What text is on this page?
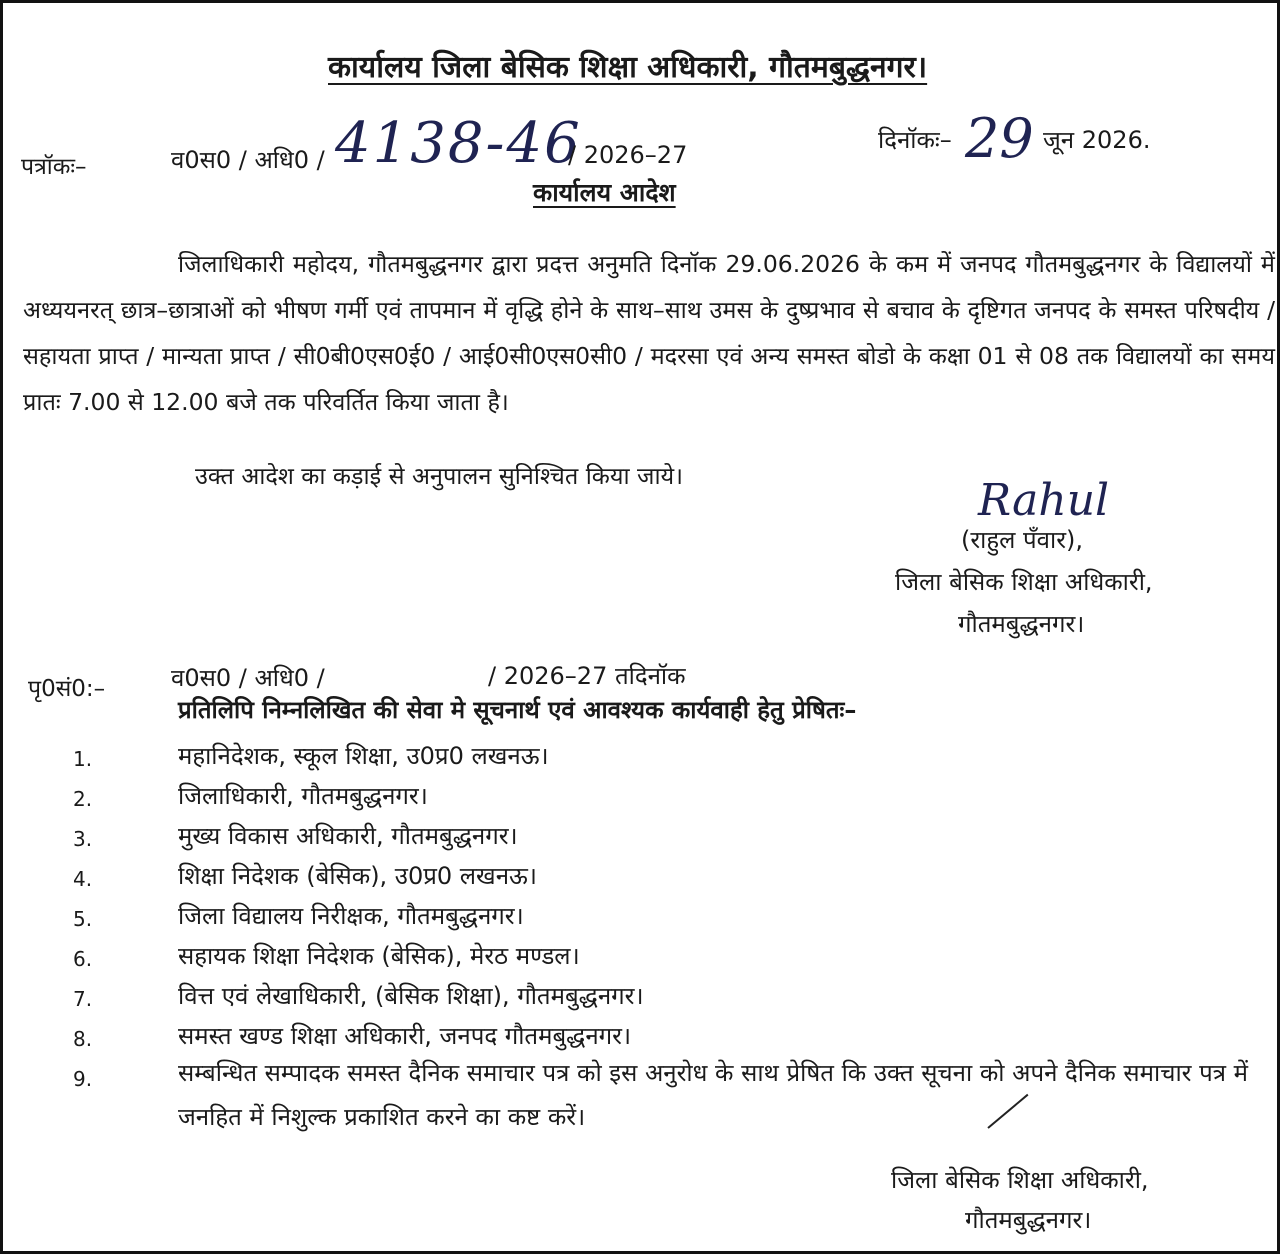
कार्यालय जिला बेसिक शिक्षा अधिकारी, गौतमबुद्धनगर।
पत्रॉकः–	व0स0 / अधि0 / 4138-46
/ 2026–27
दिनॉकः– 29 जून 2026.
कार्यालय आदेश
जिलाधिकारी महोदय, गौतमबुद्धनगर द्वारा प्रदत्त अनुमति दिनॉक 29.06.2026 के कम में जनपद गौतमबुद्धनगर के विद्यालयों में अध्ययनरत् छात्र–छात्राओं को भीषण गर्मी एवं तापमान में वृद्धि होने के साथ–साथ उमस के दुष्प्रभाव से बचाव के दृष्टिगत जनपद के समस्त परिषदीय / सहायता प्राप्त / मान्यता प्राप्त / सी0बी0एस0ई0 / आई0सी0एस0सी0 / मदरसा एवं अन्य समस्त बोडो के कक्षा 01 से 08 तक विद्यालयों का समय प्रातः 7.00 से 12.00 बजे तक परिवर्तित किया जाता है।
उक्त आदेश का कड़ाई से अनुपालन सुनिश्चित किया जाये।	Rahul
(राहुल पँवार),
जिला बेसिक शिक्षा अधिकारी,
गौतमबुद्धनगर।
पृ0सं0:–	व0स0 / अधि0 /	/ 2026–27 तदिनॉक
प्रतिलिपि निम्नलिखित की सेवा मे सूचनार्थ एवं आवश्यक कार्यवाही हेतु प्रेषितः–
1.	महानिदेशक, स्कूल शिक्षा, उ0प्र0 लखनऊ।
2.	जिलाधिकारी, गौतमबुद्धनगर।
3.	मुख्य विकास अधिकारी, गौतमबुद्धनगर।
4.	शिक्षा निदेशक (बेसिक), उ0प्र0 लखनऊ।
5.	जिला विद्यालय निरीक्षक, गौतमबुद्धनगर।
6.	सहायक शिक्षा निदेशक (बेसिक), मेरठ मण्डल।
7.	वित्त एवं लेखाधिकारी, (बेसिक शिक्षा), गौतमबुद्धनगर।
8.	समस्त खण्ड शिक्षा अधिकारी, जनपद गौतमबुद्धनगर।
9.	सम्बन्धित सम्पादक समस्त दैनिक समाचार पत्र को इस अनुरोध के साथ प्रेषित कि उक्त सूचना को अपने दैनिक समाचार पत्र में जनहित में निशुल्क प्रकाशित करने का कष्ट करें।
जिला बेसिक शिक्षा अधिकारी,
गौतमबुद्धनगर।
